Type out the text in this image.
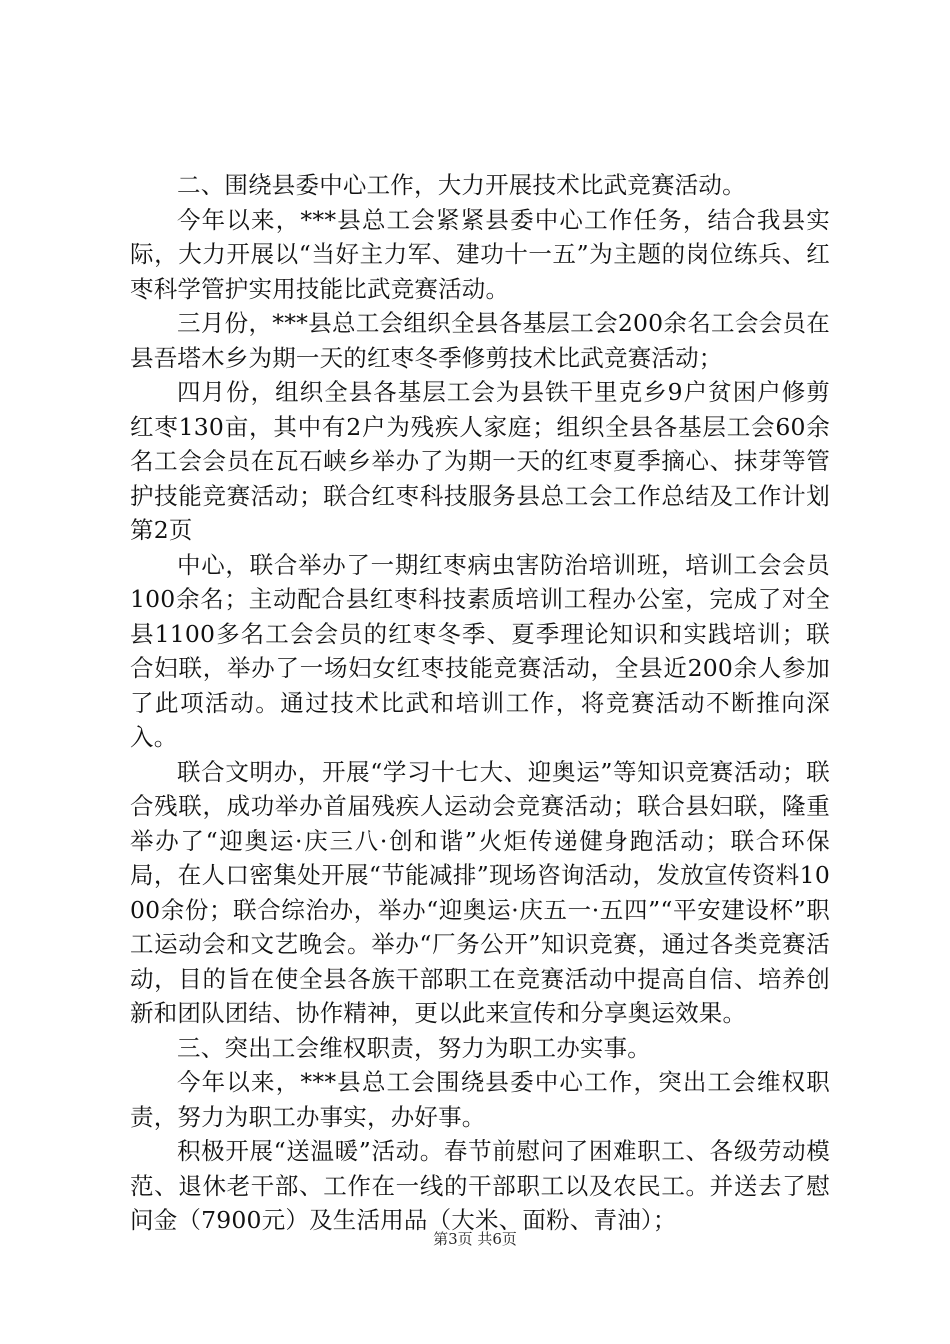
二、围绕县委中心工作，大力开展技术比武竞赛活动。

今年以来，***县总工会紧紧县委中心工作任务，结合我县实际，大力开展以“当好主力军、建功十一五”为主题的岗位练兵、红枣科学管护实用技能比武竞赛活动。

三月份，***县总工会组织全县各基层工会200余名工会会员在县吾塔木乡为期一天的红枣冬季修剪技术比武竞赛活动；

四月份，组织全县各基层工会为县铁干里克乡9户贫困户修剪红枣130亩，其中有2户为残疾人家庭；组织全县各基层工会60余名工会会员在瓦石峡乡举办了为期一天的红枣夏季摘心、抹芽等管护技能竞赛活动；联合红枣科技服务县总工会工作总结及工作计划第2页

中心，联合举办了一期红枣病虫害防治培训班，培训工会会员100余名；主动配合县红枣科技素质培训工程办公室，完成了对全县1100多名工会会员的红枣冬季、夏季理论知识和实践培训；联合妇联，举办了一场妇女红枣技能竞赛活动，全县近200余人参加了此项活动。通过技术比武和培训工作，将竞赛活动不断推向深入。

联合文明办，开展“学习十七大、迎奥运”等知识竞赛活动；联合残联，成功举办首届残疾人运动会竞赛活动；联合县妇联，隆重举办了“迎奥运·庆三八·创和谐”火炬传递健身跑活动；联合环保局，在人口密集处开展“节能减排”现场咨询活动，发放宣传资料1000余份；联合综治办，举办“迎奥运·庆五一·五四”“平安建设杯”职工运动会和文艺晚会。举办“厂务公开”知识竞赛，通过各类竞赛活动，目的旨在使全县各族干部职工在竞赛活动中提高自信、培养创新和团队团结、协作精神，更以此来宣传和分享奥运效果。

三、突出工会维权职责，努力为职工办实事。

今年以来，***县总工会围绕县委中心工作，突出工会维权职责，努力为职工办事实，办好事。

积极开展“送温暖”活动。春节前慰问了困难职工、各级劳动模范、退休老干部、工作在一线的干部职工以及农民工。并送去了慰问金（7900元）及生活用品（大米、面粉、青油）；

第3页 共6页
